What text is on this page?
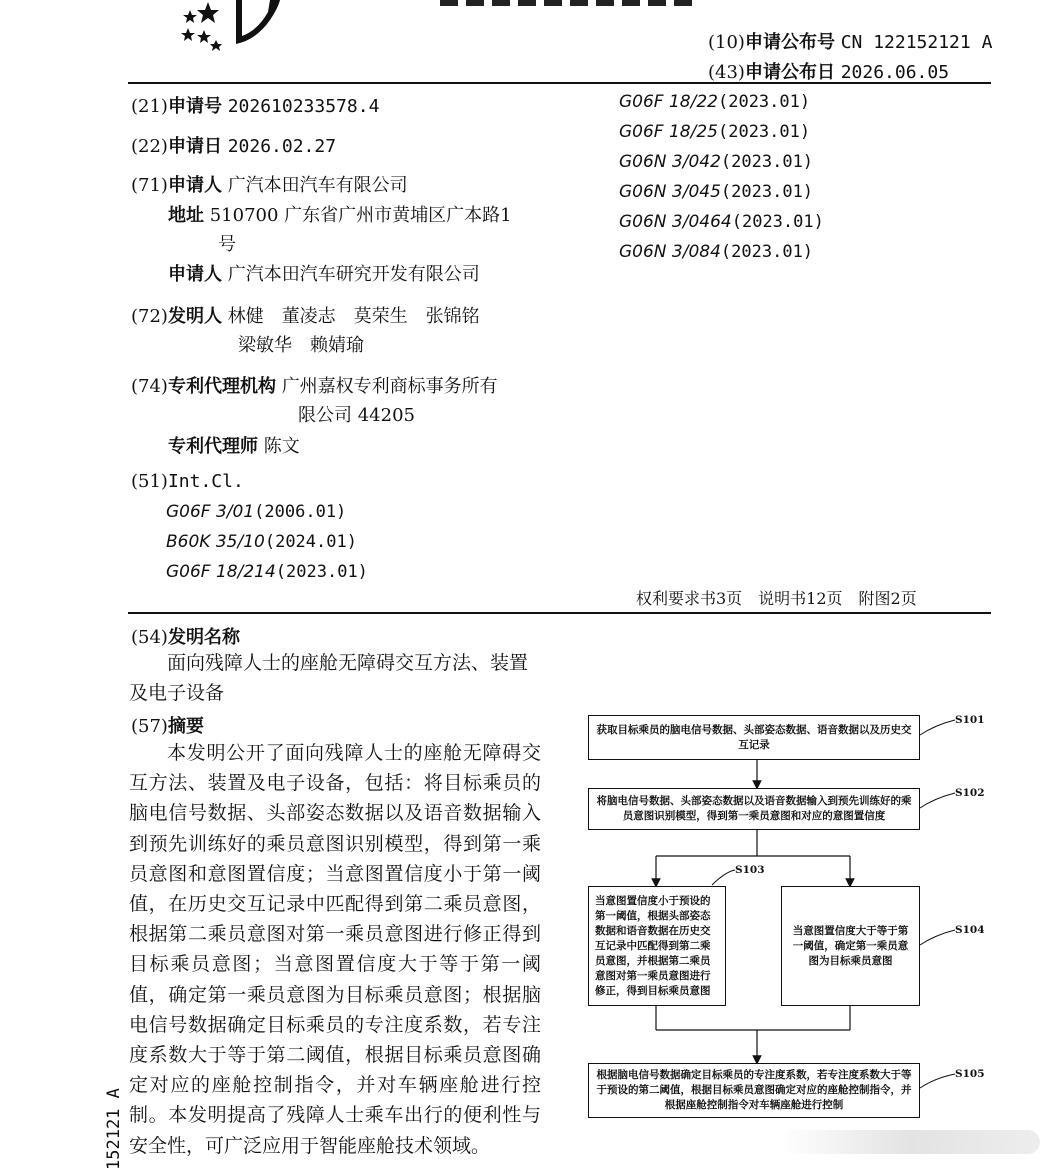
(10)申请公布号 CN 122152121 A
(43)申请公布日 2026.06.05
(21)申请号 202610233578.4
(22)申请日 2026.02.27
(71)申请人 广汽本田汽车有限公司
地址 510700 广东省广州市黄埔区广本路1
号
申请人 广汽本田汽车研究开发有限公司
(72)发明人 林健　董凌志　莫荣生　张锦铭
梁敏华　赖婧瑜
(74)专利代理机构 广州嘉权专利商标事务所有
限公司 44205
专利代理师 陈文
(51)Int.Cl.
G06F 3/01(2006.01)
B60K 35/10(2024.01)
G06F 18/214(2023.01)
G06F 18/22(2023.01)
G06F 18/25(2023.01)
G06N 3/042(2023.01)
G06N 3/045(2023.01)
G06N 3/0464(2023.01)
G06N 3/084(2023.01)
权利要求书3页　说明书12页　附图2页
(54)发明名称
面向残障人士的座舱无障碍交互方法、装置及电子设备
(57)摘要
本发明公开了面向残障人士的座舱无障碍交互方法、装置及电子设备，包括：将目标乘员的脑电信号数据、头部姿态数据以及语音数据输入到预先训练好的乘员意图识别模型，得到第一乘员意图和意图置信度；当意图置信度小于第一阈值，在历史交互记录中匹配得到第二乘员意图，根据第二乘员意图对第一乘员意图进行修正得到目标乘员意图；当意图置信度大于等于第一阈值，确定第一乘员意图为目标乘员意图；根据脑电信号数据确定目标乘员的专注度系数，若专注度系数大于等于第二阈值，根据目标乘员意图确定对应的座舱控制指令，并对车辆座舱进行控制。本发明提高了残障人士乘车出行的便利性与安全性，可广泛应用于智能座舱技术领域。
152121 A
获取目标乘员的脑电信号数据、头部姿态数据、语音数据以及历史交互记录
S101
将脑电信号数据、头部姿态数据以及语音数据输入到预先训练好的乘员意图识别模型，得到第一乘员意图和对应的意图置信度
S102
当意图置信度小于预设的第一阈值，根据头部姿态数据和语音数据在历史交互记录中匹配得到第二乘员意图，并根据第二乘员意图对第一乘员意图进行修正，得到目标乘员意图
S103
当意图置信度大于等于第一阈值，确定第一乘员意图为目标乘员意图
S104
根据脑电信号数据确定目标乘员的专注度系数，若专注度系数大于等于预设的第二阈值，根据目标乘员意图确定对应的座舱控制指令，并根据座舱控制指令对车辆座舱进行控制
S105
